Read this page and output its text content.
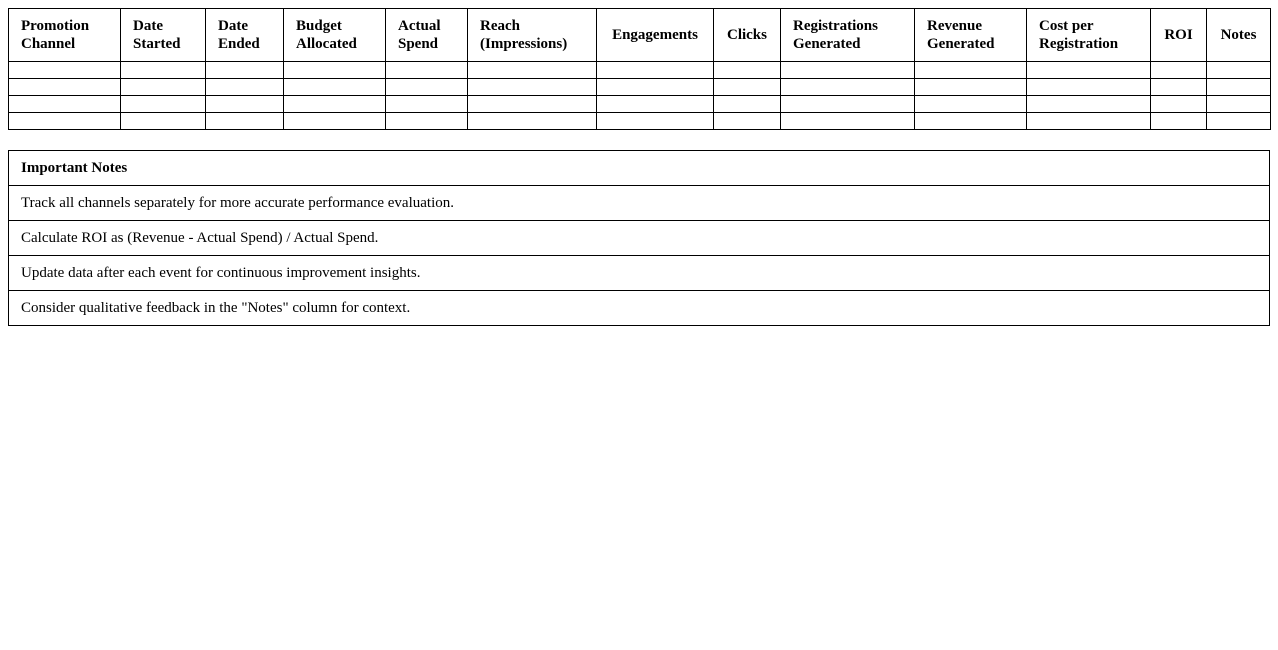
Promotion Channel	Date Started	Date Ended	Budget Allocated	Actual Spend	Reach (Impressions)	Engagements	Clicks	Registrations Generated	Revenue Generated	Cost per Registration	ROI	Notes

Important Notes
Track all channels separately for more accurate performance evaluation.
Calculate ROI as (Revenue - Actual Spend) / Actual Spend.
Update data after each event for continuous improvement insights.
Consider qualitative feedback in the "Notes" column for context.
